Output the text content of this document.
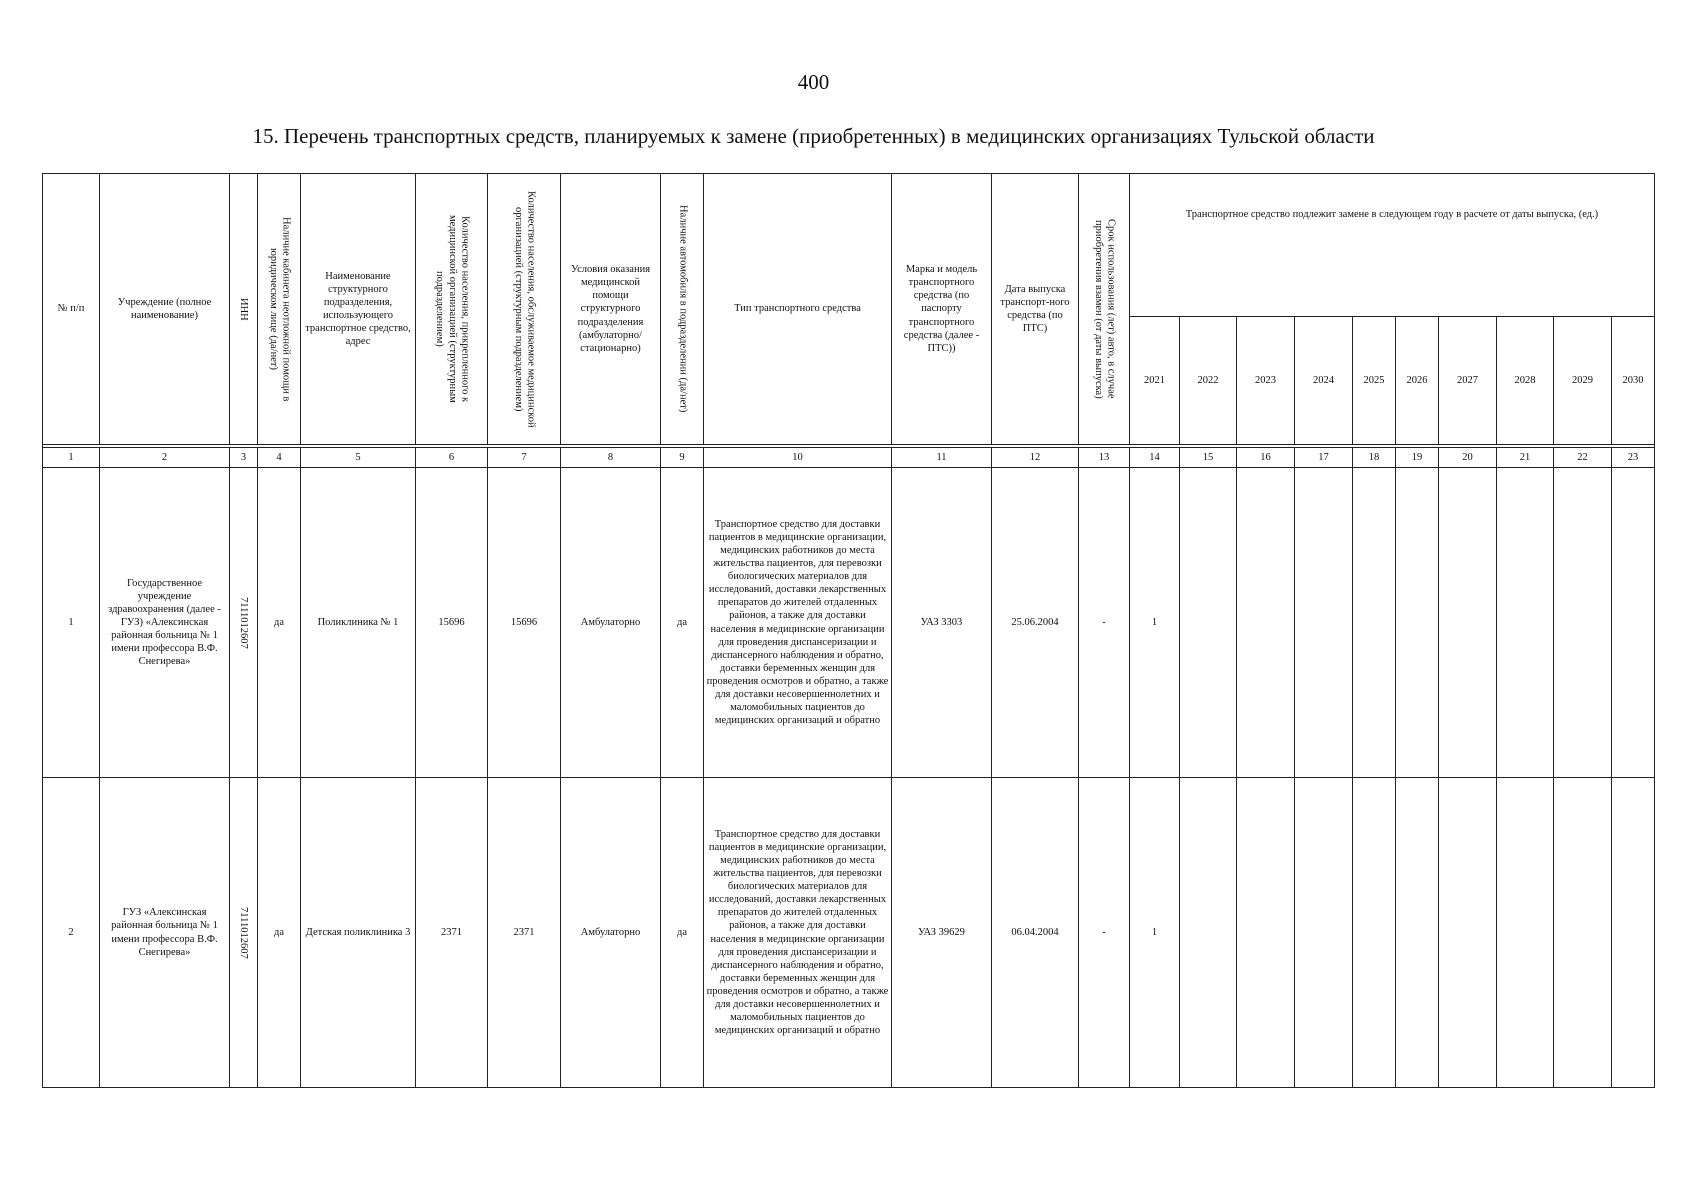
400
15. Перечень транспортных средств, планируемых к замене (приобретенных) в медицинских организациях Тульской области
№ п/п	Учреждение (полное наименование)	ИНН	Наличие кабинета неотложной помощи в юридическом лице (да/нет)	Наименование структурного подразделения, использующего транспортное средство, адрес	Количество населения, прикрепленного к медицинской организацией (структурным подразделением)	Количество населения, обслуживаемое медицинской организацией (структурным подразделением)	Условия оказания медицинской помощи структурного подразделения (амбулаторно/ стационарно)	Наличие автомобиля в подразделении (да/нет)	Тип транспортного средства	Марка и модель транспортного средства (по паспорту транспортного средства (далее - ПТС))	Дата выпуска транспорт-ного средства (по ПТС)	Срок использования (лет) авто, в случае приобретения взамен (от даты выпуска)	Транспортное средство подлежит замене в следующем году в расчете от даты выпуска, (ед.)									
													2021	2022	2023	2024	2025	2026	2027	2028	2029	2030

1	2	3	4	5	6	7	8	9	10	11	12	13	14	15	16	17	18	19	20	21	22	23
1	Государственное учреждение здравоохранения (далее - ГУЗ) «Алексинская районная больница № 1 имени профессора В.Ф. Снегирева»	7111012607	да	Поликлиника № 1	15696	15696	Амбулаторно	да	Транспортное средство для доставки пациентов в медицинские организации, медицинских работников до места жительства пациентов, для перевозки биологических материалов для исследований, доставки лекарственных препаратов до жителей отдаленных районов, а также для доставки населения в медицинские организации для проведения диспансеризации и диспансерного наблюдения и обратно, доставки беременных женщин для проведения осмотров и обратно, а также для доставки несовершеннолетних и маломобильных пациентов до медицинских организаций и обратно	УАЗ 3303	25.06.2004	-	1									
2	ГУЗ «Алексинская районная больница № 1 имени профессора В.Ф. Снегирева»	7111012607	да	Детская поликлиника 3	2371	2371	Амбулаторно	да	Транспортное средство для доставки пациентов в медицинские организации, медицинских работников до места жительства пациентов, для перевозки биологических материалов для исследований, доставки лекарственных препаратов до жителей отдаленных районов, а также для доставки населения в медицинские организации для проведения диспансеризации и диспансерного наблюдения и обратно, доставки беременных женщин для проведения осмотров и обратно, а также для доставки несовершеннолетних и маломобильных пациентов до медицинских организаций и обратно	УАЗ 39629	06.04.2004	-	1									
